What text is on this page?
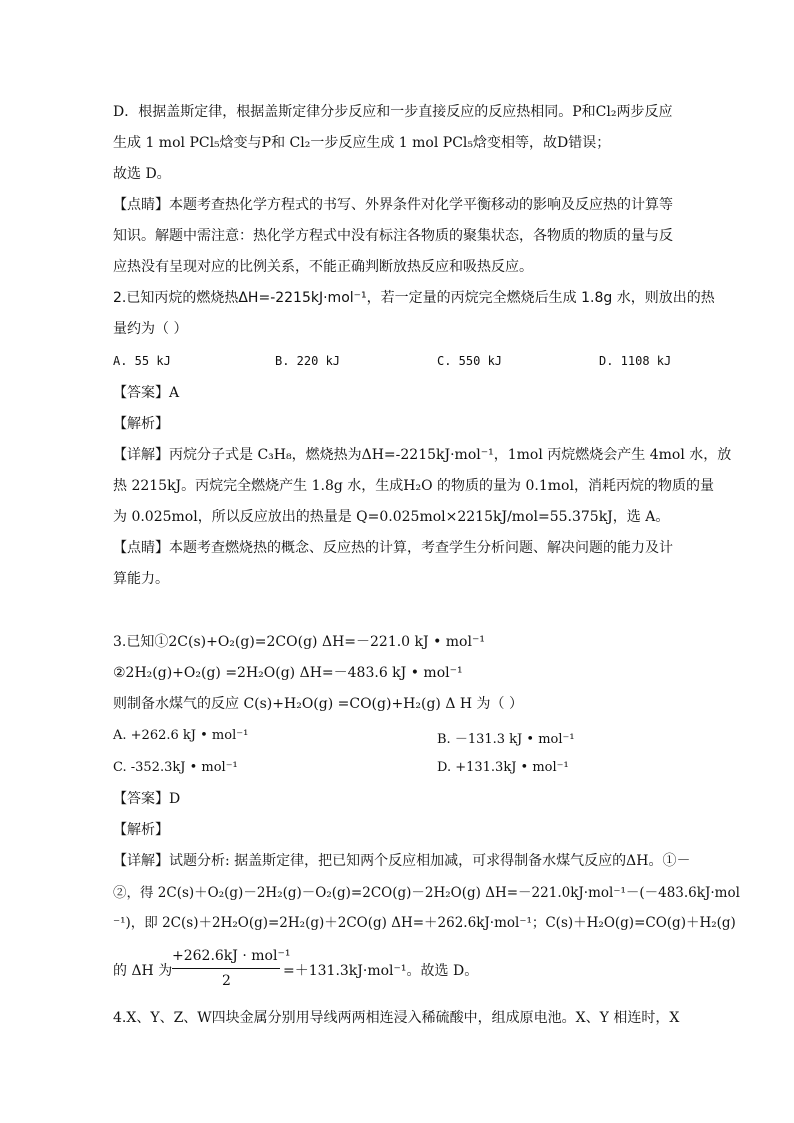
D．根据盖斯定律，根据盖斯定律分步反应和一步直接反应的反应热相同。P和Cl₂两步反应
生成 1 mol PCl₅焓变与P和 Cl₂一步反应生成 1 mol PCl₅焓变相等，故D错误；
故选 D。
【点睛】本题考查热化学方程式的书写、外界条件对化学平衡移动的影响及反应热的计算等
知识。解题中需注意：热化学方程式中没有标注各物质的聚集状态，各物质的物质的量与反
应热没有呈现对应的比例关系，不能正确判断放热反应和吸热反应。
2.已知丙烷的燃烧热ΔH=-2215kJ·mol⁻¹，若一定量的丙烷完全燃烧后生成 1.8g 水，则放出的热
量约为（ ）
A. 55 kJ	B. 220 kJ	C. 550 kJ	D. 1108 kJ
【答案】A
【解析】
【详解】丙烷分子式是 C₃H₈，燃烧热为ΔH=-2215kJ·mol⁻¹，1mol 丙烷燃烧会产生 4mol 水，放
热 2215kJ。丙烷完全燃烧产生 1.8g 水，生成H₂O 的物质的量为 0.1mol，消耗丙烷的物质的量
为 0.025mol，所以反应放出的热量是 Q=0.025mol×2215kJ/mol=55.375kJ，选 A。
【点睛】本题考查燃烧热的概念、反应热的计算，考查学生分析问题、解决问题的能力及计
算能力。
3.已知①2C(s)+O₂(g)=2CO(g) ΔH=－221.0 kJ • mol⁻¹
②2H₂(g)+O₂(g) =2H₂O(g) ΔH=－483.6 kJ • mol⁻¹
则制备水煤气的反应 C(s)+H₂O(g) =CO(g)+H₂(g) Δ H 为（ ）
A. +262.6 kJ • mol⁻¹	B. －131.3 kJ • mol⁻¹
C. -352.3kJ • mol⁻¹	D. +131.3kJ • mol⁻¹
【答案】D
【解析】
【详解】试题分析: 据盖斯定律，把已知两个反应相加减，可求得制备水煤气反应的ΔH。①－
②，得 2C(s)＋O₂(g)－2H₂(g)－O₂(g)=2CO(g)－2H₂O(g) ΔH=－221.0kJ·mol⁻¹－(－483.6kJ·mol
⁻¹)，即 2C(s)＋2H₂O(g)=2H₂(g)＋2CO(g) ΔH=＋262.6kJ·mol⁻¹；C(s)＋H₂O(g)=CO(g)＋H₂(g)
的 ΔH 为
+262.6kJ · mol⁻¹
2
=＋131.3kJ·mol⁻¹。故选 D。
4.X、Y、Z、W四块金属分别用导线两两相连浸入稀硫酸中，组成原电池。X、Y 相连时，X
